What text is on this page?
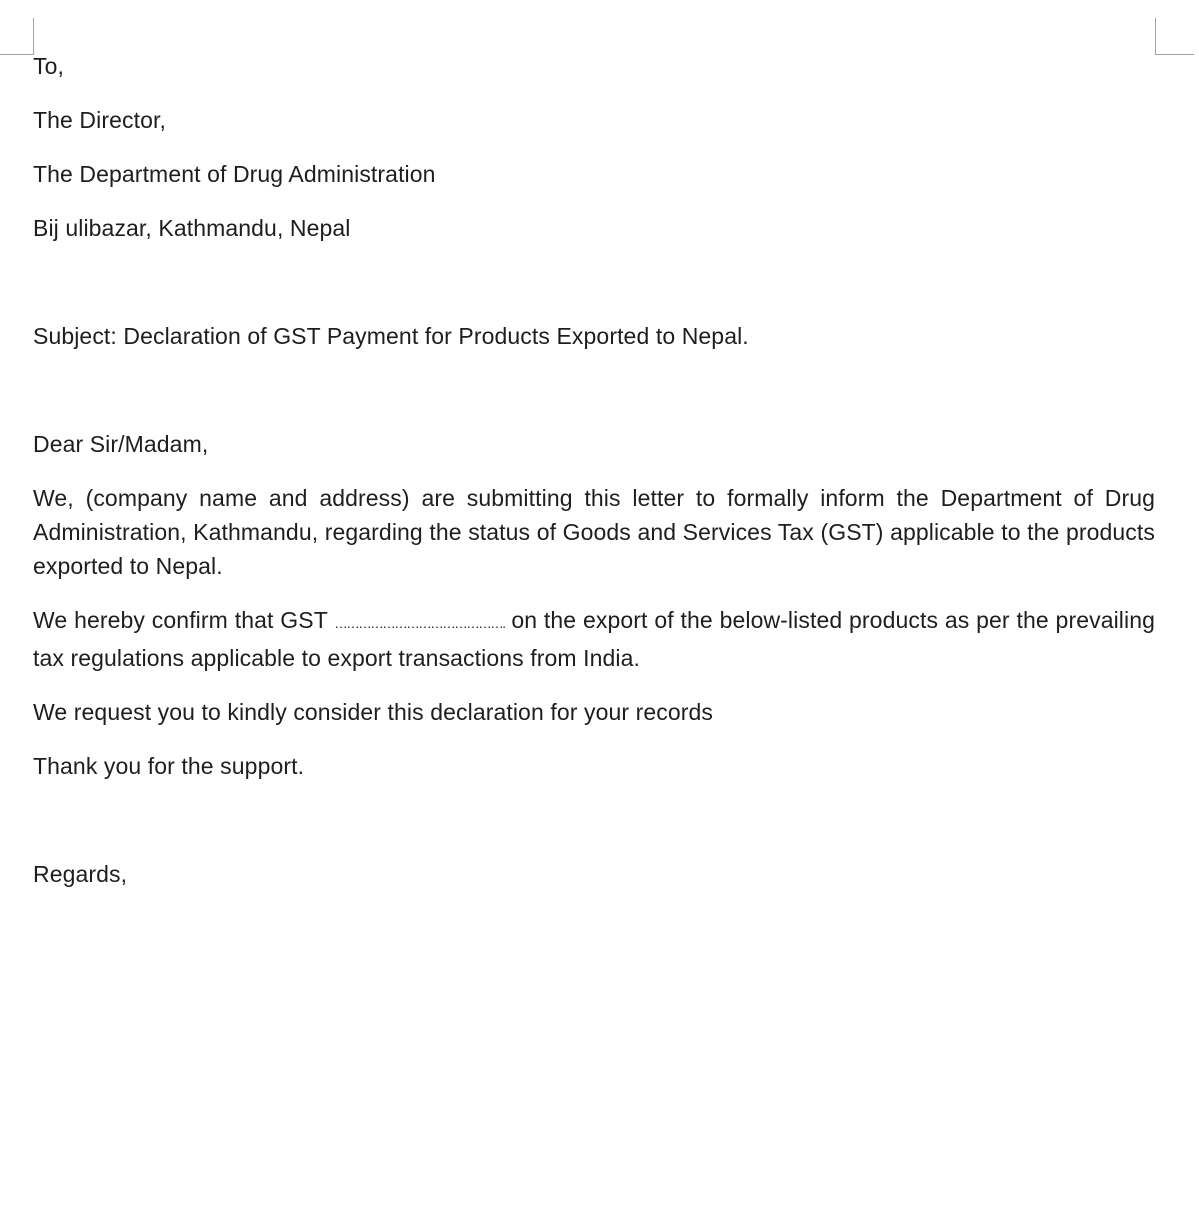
To,

The Director,

The Department of Drug Administration

Bij ulibazar, Kathmandu, Nepal

Subject: Declaration of GST Payment for Products Exported to Nepal.

Dear Sir/Madam,

We, (company name and address) are submitting this letter to formally inform the Department of Drug Administration, Kathmandu, regarding the status of Goods and Services Tax (GST) applicable to the products exported to Nepal.

We hereby confirm that GST ……………………………………. on the export of the below-listed products as per the prevailing tax regulations applicable to export transactions from India.

We request you to kindly consider this declaration for your records

Thank you for the support.

Regards,
